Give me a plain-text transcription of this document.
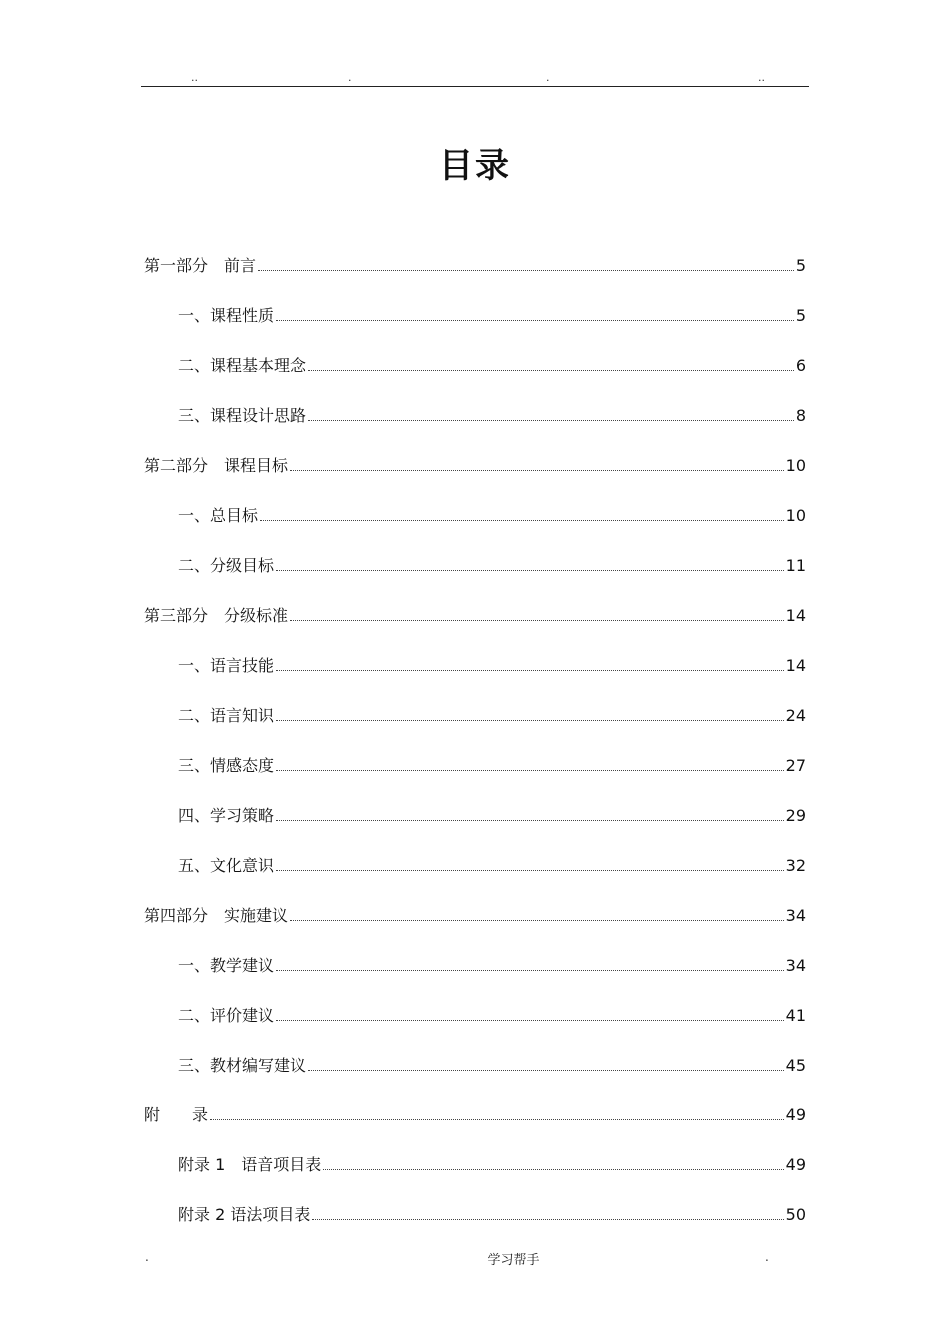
..	.	.	..
目录
第一部分　前言	5
一、课程性质	5
二、课程基本理念	6
三、课程设计思路	8
第二部分　课程目标	10
一、总目标	10
二、分级目标	11
第三部分　分级标准	14
一、语言技能	14
二、语言知识	24
三、情感态度	27
四、学习策略	29
五、文化意识	32
第四部分　实施建议	34
一、教学建议	34
二、评价建议	41
三、教材编写建议	45
附　　录	49
附录 1　语音项目表	49
附录 2 语法项目表	50
.	学习帮手	.
